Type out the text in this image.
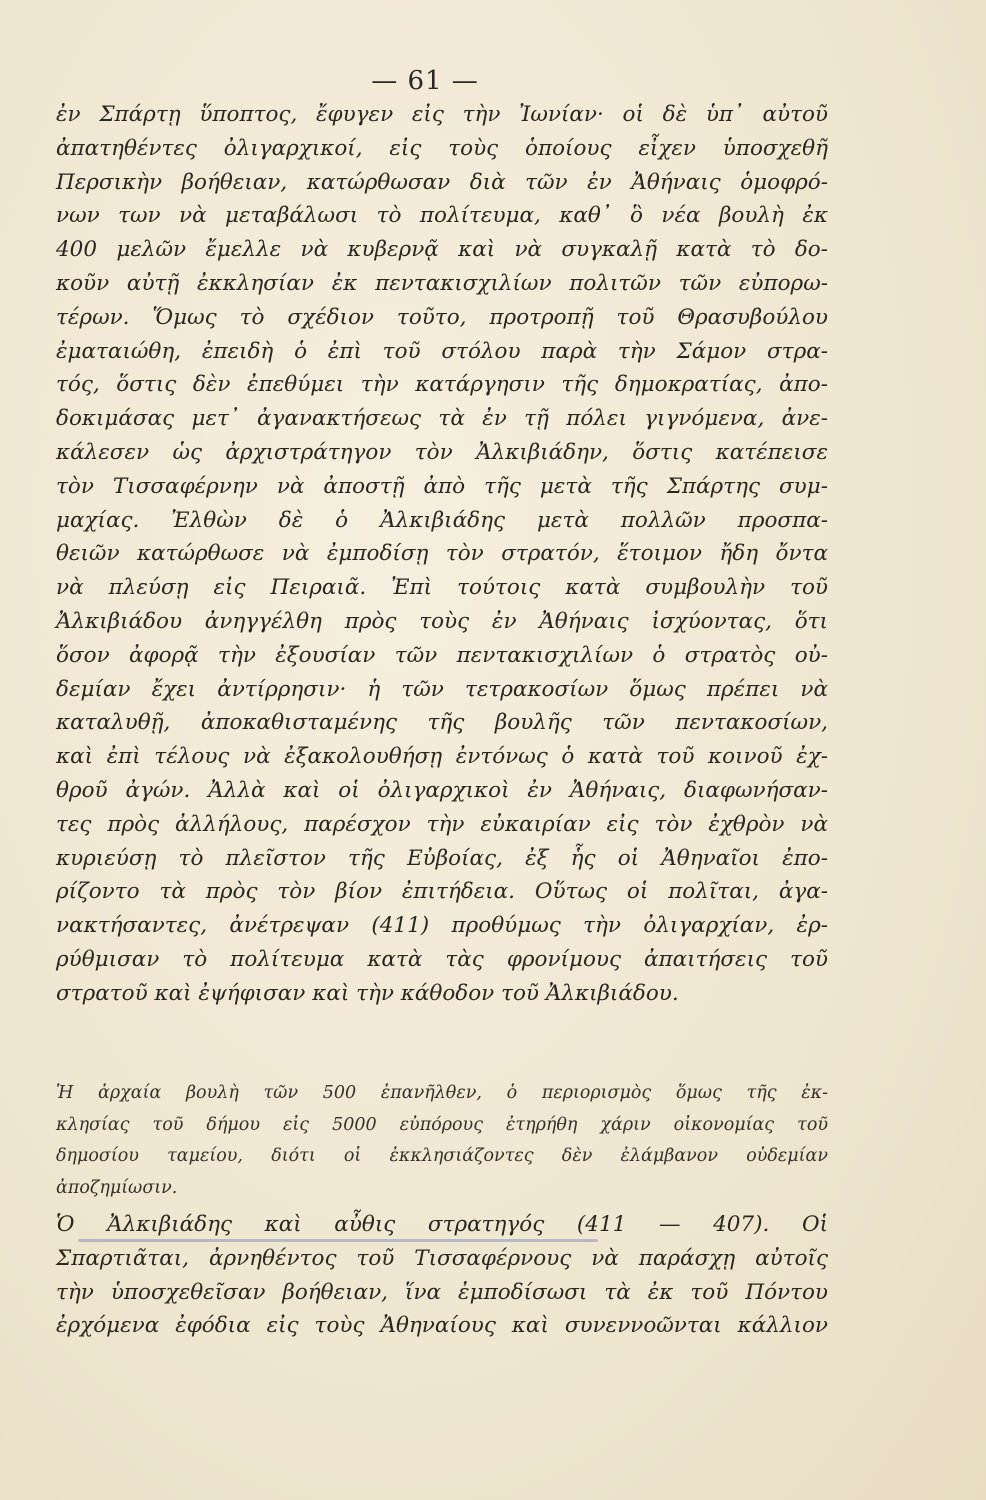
— 61 —
ἐν Σπάρτῃ ὕποπτος, ἔφυγεν εἰς τὴν Ἰωνίαν· οἱ δὲ ὑπ᾽ αὐτοῦ
ἀπατηθέντες ὀλιγαρχικοί, εἰς τοὺς ὁποίους εἶχεν ὑποσχεθῆ
Περσικὴν βοήθειαν, κατώρθωσαν διὰ τῶν ἐν Ἀθήναις ὁμοφρό-
νων των νὰ μεταβάλωσι τὸ πολίτευμα, καθ᾽ ὃ νέα βουλὴ ἐκ
400 μελῶν ἔμελλε νὰ κυβερνᾷ καὶ νὰ συγκαλῇ κατὰ τὸ δο-
κοῦν αὐτῇ ἐκκλησίαν ἐκ πεντακισχιλίων πολιτῶν τῶν εὐπορω-
τέρων. Ὅμως τὸ σχέδιον τοῦτο, προτροπῇ τοῦ Θρασυβούλου
ἐματαιώθη, ἐπειδὴ ὁ ἐπὶ τοῦ στόλου παρὰ τὴν Σάμον στρα-
τός, ὅστις δὲν ἐπεθύμει τὴν κατάργησιν τῆς δημοκρατίας, ἀπο-
δοκιμάσας μετ᾽ ἀγανακτήσεως τὰ ἐν τῇ πόλει γιγνόμενα, ἀνε-
κάλεσεν ὡς ἀρχιστράτηγον τὸν Ἀλκιβιάδην, ὅστις κατέπεισε
τὸν Τισσαφέρνην νὰ ἀποστῇ ἀπὸ τῆς μετὰ τῆς Σπάρτης συμ-
μαχίας. Ἐλθὼν δὲ ὁ Ἀλκιβιάδης μετὰ πολλῶν προσπα-
θειῶν κατώρθωσε νὰ ἐμποδίσῃ τὸν στρατόν, ἕτοιμον ἤδη ὄντα
νὰ πλεύσῃ εἰς Πειραιᾶ. Ἐπὶ τούτοις κατὰ συμβουλὴν τοῦ
Ἀλκιβιάδου ἀνηγγέλθη πρὸς τοὺς ἐν Ἀθήναις ἰσχύοντας, ὅτι
ὅσον ἀφορᾷ τὴν ἐξουσίαν τῶν πεντακισχιλίων ὁ στρατὸς οὐ-
δεμίαν ἔχει ἀντίρρησιν· ἡ τῶν τετρακοσίων ὅμως πρέπει νὰ
καταλυθῇ, ἀποκαθισταμένης τῆς βουλῆς τῶν πεντακοσίων,
καὶ ἐπὶ τέλους νὰ ἐξακολουθήσῃ ἐντόνως ὁ κατὰ τοῦ κοινοῦ ἐχ-
θροῦ ἀγών. Ἀλλὰ καὶ οἱ ὀλιγαρχικοὶ ἐν Ἀθήναις, διαφωνήσαν-
τες πρὸς ἀλλήλους, παρέσχον τὴν εὐκαιρίαν εἰς τὸν ἐχθρὸν νὰ
κυριεύσῃ τὸ πλεῖστον τῆς Εὐβοίας, ἐξ ἧς οἱ Ἀθηναῖοι ἐπο-
ρίζοντο τὰ πρὸς τὸν βίον ἐπιτήδεια. Οὕτως οἱ πολῖται, ἀγα-
νακτήσαντες, ἀνέτρεψαν (411) προθύμως τὴν ὀλιγαρχίαν, ἐρ-
ρύθμισαν τὸ πολίτευμα κατὰ τὰς φρονίμους ἀπαιτήσεις τοῦ
στρατοῦ καὶ ἐψήφισαν καὶ τὴν κάθοδον τοῦ Ἀλκιβιάδου.
Ἡ ἀρχαία βουλὴ τῶν 500 ἐπανῆλθεν, ὁ περιορισμὸς ὅμως τῆς ἐκ-
κλησίας τοῦ δήμου εἰς 5000 εὐπόρους ἐτηρήθη χάριν οἰκονομίας τοῦ
δημοσίου ταμείου, διότι οἱ ἐκκλησιάζοντες δὲν ἐλάμβανον οὐδεμίαν
ἀποζημίωσιν.
Ὁ Ἀλκιβιάδης καὶ αὖθις στρατηγός (411 — 407). Οἱ
Σπαρτιᾶται, ἀρνηθέντος τοῦ Τισσαφέρνους νὰ παράσχῃ αὐτοῖς
τὴν ὑποσχεθεῖσαν βοήθειαν, ἵνα ἐμποδίσωσι τὰ ἐκ τοῦ Πόντου
ἐρχόμενα ἐφόδια εἰς τοὺς Ἀθηναίους καὶ συνεννοῶνται κάλλιον
